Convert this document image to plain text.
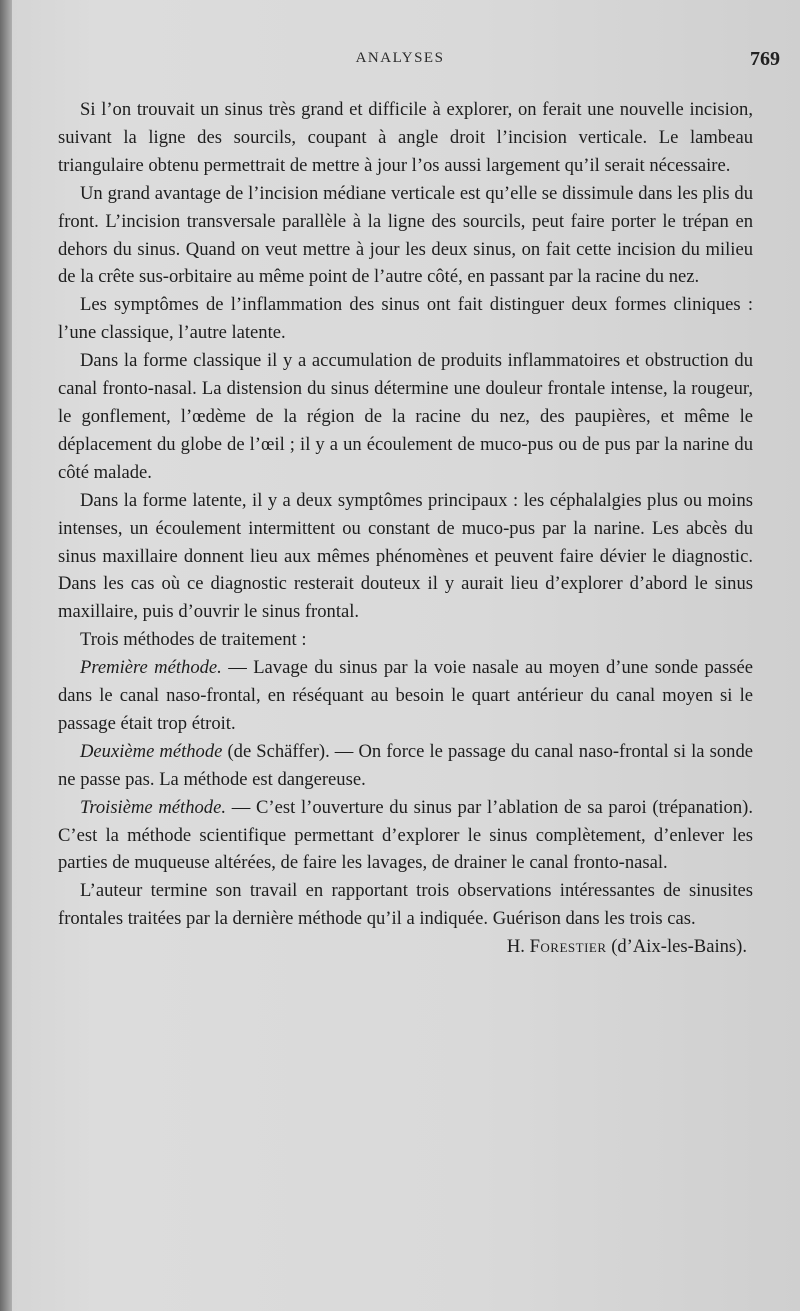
ANALYSES	769

Si l’on trouvait un sinus très grand et difficile à explorer, on ferait une nouvelle incision, suivant la ligne des sourcils, coupant à angle droit l’incision verticale. Le lambeau triangulaire obtenu permettrait de mettre à jour l’os aussi largement qu’il serait nécessaire.

Un grand avantage de l’incision médiane verticale est qu’elle se dissimule dans les plis du front. L’incision transversale parallèle à la ligne des sourcils, peut faire porter le trépan en dehors du sinus. Quand on veut mettre à jour les deux sinus, on fait cette incision du milieu de la crête sus-orbitaire au même point de l’autre côté, en passant par la racine du nez.

Les symptômes de l’inflammation des sinus ont fait distinguer deux formes cliniques : l’une classique, l’autre latente.

Dans la forme classique il y a accumulation de produits inflammatoires et obstruction du canal fronto-nasal. La distension du sinus détermine une douleur frontale intense, la rougeur, le gonflement, l’œdème de la région de la racine du nez, des paupières, et même le déplacement du globe de l’œil ; il y a un écoulement de muco-pus ou de pus par la narine du côté malade.

Dans la forme latente, il y a deux symptômes principaux : les céphalalgies plus ou moins intenses, un écoulement intermittent ou constant de muco-pus par la narine. Les abcès du sinus maxillaire donnent lieu aux mêmes phénomènes et peuvent faire dévier le diagnostic. Dans les cas où ce diagnostic resterait douteux il y aurait lieu d’explorer d’abord le sinus maxillaire, puis d’ouvrir le sinus frontal.

Trois méthodes de traitement :

Première méthode. — Lavage du sinus par la voie nasale au moyen d’une sonde passée dans le canal naso-frontal, en réséquant au besoin le quart antérieur du canal moyen si le passage était trop étroit.

Deuxième méthode (de Schäffer). — On force le passage du canal naso-frontal si la sonde ne passe pas. La méthode est dangereuse.

Troisième méthode. — C’est l’ouverture du sinus par l’ablation de sa paroi (trépanation). C’est la méthode scientifique permettant d’explorer le sinus complètement, d’enlever les parties de muqueuse altérées, de faire les lavages, de drainer le canal fronto-nasal.

L’auteur termine son travail en rapportant trois observations intéressantes de sinusites frontales traitées par la dernière méthode qu’il a indiquée. Guérison dans les trois cas.

H. Forestier (d’Aix-les-Bains).
